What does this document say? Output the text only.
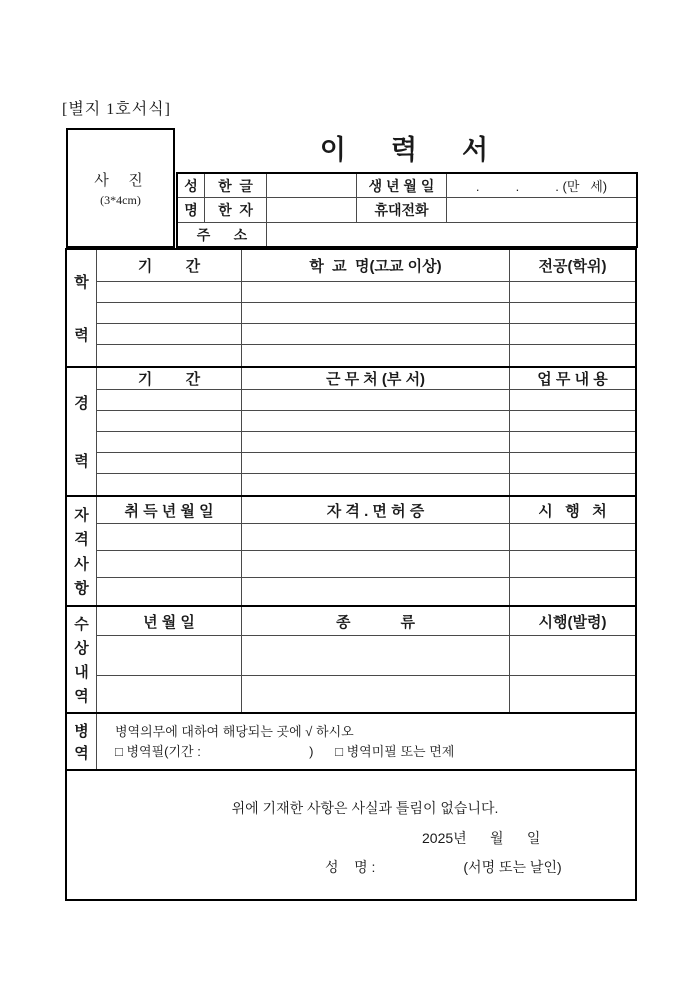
[별지 1호서식]
사  진
(3*4cm)
이      력      서
성	한  글	생 년 월 일	.          .          . (만   세)
명	한  자	휴대전화
주      소
학
력
기        간	학  교  명(고교 이상)	전공(학위)
경
력
기        간	근 무 처 (부 서)	업 무 내 용
자
격
사
항
취 득 년 월 일	자 격 . 면 허 증	시   행   처
수
상
내
역
년 월 일	종            류	시행(발령)
병
역
병역의무에 대하여 해당되는 곳에 √ 하시오
□ 병역필(기간 :                              )      □ 병역미필 또는 면제
위에 기재한 사항은 사실과 틀림이 없습니다.
2025년      월      일
성    명 :	(서명 또는 날인)
